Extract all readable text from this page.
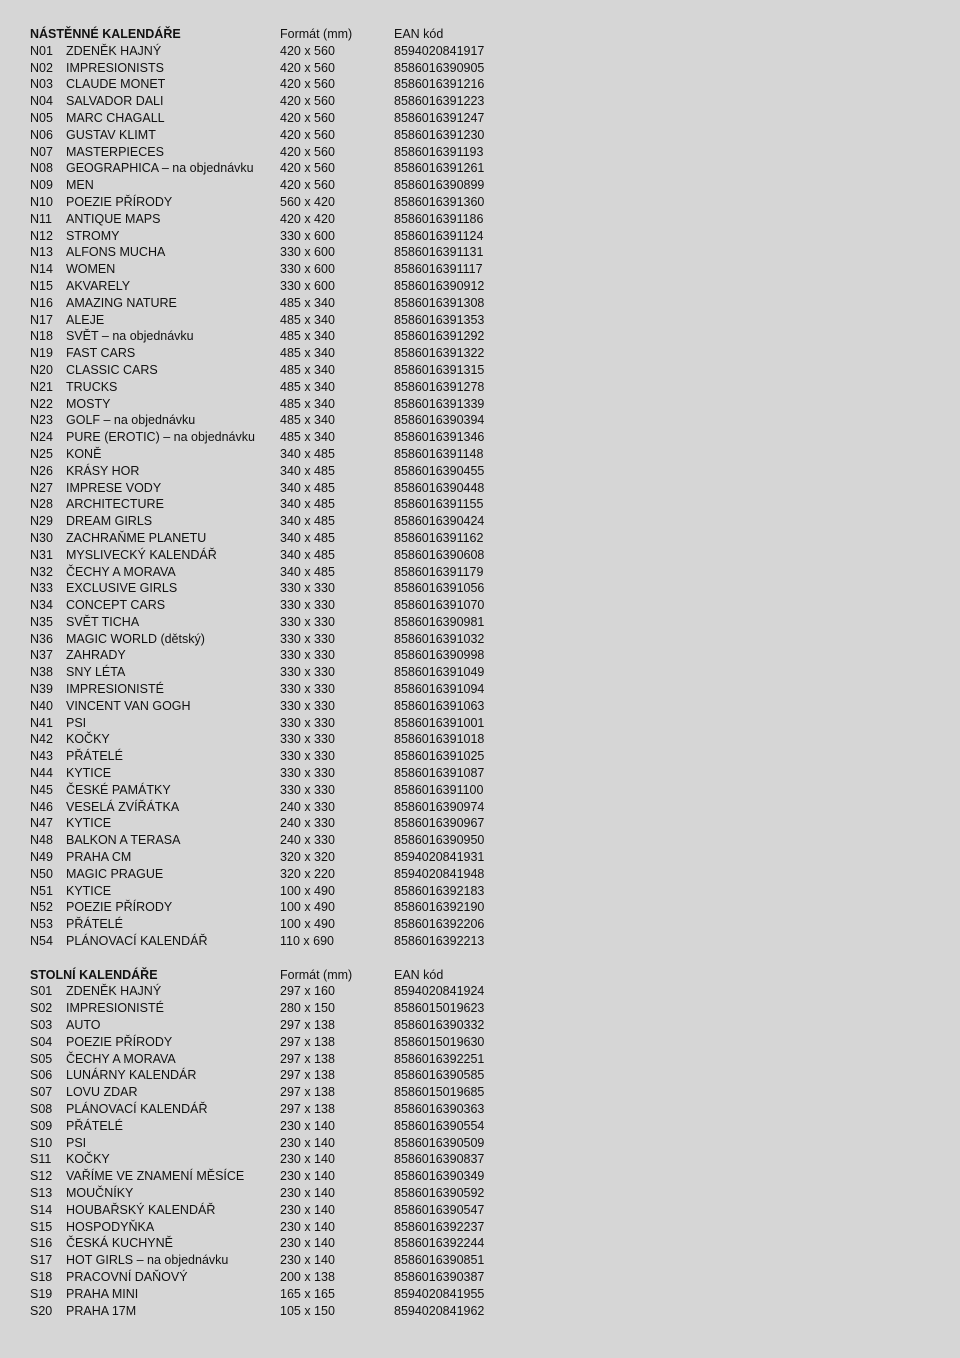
NÁSTĚNNÉ KALENDÁŘE	Formát (mm)	EAN kód
N01 ZDENĚK HAJNÝ	420 x 560	8594020841917
N02 IMPRESIONISTS	420 x 560	8586016390905
N03 CLAUDE MONET	420 x 560	8586016391216
N04 SALVADOR DALI	420 x 560	8586016391223
N05 MARC CHAGALL	420 x 560	8586016391247
N06 GUSTAV KLIMT	420 x 560	8586016391230
N07 MASTERPIECES	420 x 560	8586016391193
N08 GEOGRAPHICA – na objednávku 420 x 560	8586016391261
N09 MEN	420 x 560	8586016390899
N10 POEZIE PŘÍRODY	560 x 420	8586016391360
N11 ANTIQUE MAPS	420 x 420	8586016391186
N12 STROMY	330 x 600	8586016391124
N13 ALFONS MUCHA	330 x 600	8586016391131
N14 WOMEN	330 x 600	8586016391117
N15 AKVARELY	330 x 600	8586016390912
N16 AMAZING NATURE	485 x 340	8586016391308
N17 ALEJE	485 x 340	8586016391353
N18 SVĚT – na objednávku	485 x 340	8586016391292
N19 FAST CARS	485 x 340	8586016391322
N20 CLASSIC CARS	485 x 340	8586016391315
N21 TRUCKS	485 x 340	8586016391278
N22 MOSTY	485 x 340	8586016391339
N23 GOLF – na objednávku	485 x 340	8586016390394
N24 PURE (EROTIC) – na objednávku 485 x 340	8586016391346
N25 KONĚ	340 x 485	8586016391148
N26 KRÁSY HOR	340 x 485	8586016390455
N27 IMPRESE VODY	340 x 485	8586016390448
N28 ARCHITECTURE	340 x 485	8586016391155
N29 DREAM GIRLS	340 x 485	8586016390424
N30 ZACHRAŇME PLANETU	340 x 485	8586016391162
N31 MYSLIVECKÝ KALENDÁŘ	340 x 485	8586016390608
N32 ČECHY A MORAVA	340 x 485	8586016391179
N33 EXCLUSIVE GIRLS	330 x 330	8586016391056
N34 CONCEPT CARS	330 x 330	8586016391070
N35 SVĚT TICHA	330 x 330	8586016390981
N36 MAGIC WORLD (dětský)	330 x 330	8586016391032
N37 ZAHRADY	330 x 330	8586016390998
N38 SNY LÉTA	330 x 330	8586016391049
N39 IMPRESIONISTÉ	330 x 330	8586016391094
N40 VINCENT VAN GOGH	330 x 330	8586016391063
N41 PSI	330 x 330	8586016391001
N42 KOČKY	330 x 330	8586016391018
N43 PŘÁTELÉ	330 x 330	8586016391025
N44 KYTICE	330 x 330	8586016391087
N45 ČESKÉ PAMÁTKY	330 x 330	8586016391100
N46 VESELÁ ZVÍŘÁTKA	240 x 330	8586016390974
N47 KYTICE	240 x 330	8586016390967
N48 BALKON A TERASA	240 x 330	8586016390950
N49 PRAHA CM	320 x 320	8594020841931
N50 MAGIC PRAGUE	320 x 220	8594020841948
N51 KYTICE	100 x 490	8586016392183
N52 POEZIE PŘÍRODY	100 x 490	8586016392190
N53 PŘÁTELÉ	100 x 490	8586016392206
N54 PLÁNOVACÍ KALENDÁŘ	110 x 690	8586016392213
STOLNÍ KALENDÁŘE	Formát (mm)	EAN kód
S01 ZDENĚK HAJNÝ	297 x 160	8594020841924
S02 IMPRESIONISTÉ	280 x 150	8586015019623
S03 AUTO	297 x 138	8586016390332
S04 POEZIE PŘÍRODY	297 x 138	8586015019630
S05 ČECHY A MORAVA	297 x 138	8586016392251
S06 LUNÁRNY KALENDÁR	297 x 138	8586016390585
S07 LOVU ZDAR	297 x 138	8586015019685
S08 PLÁNOVACÍ KALENDÁŘ	297 x 138	8586016390363
S09 PŘÁTELÉ	230 x 140	8586016390554
S10 PSI	230 x 140	8586016390509
S11 KOČKY	230 x 140	8586016390837
S12 VAŘÍME VE ZNAMENÍ MĚSÍCE	230 x 140	8586016390349
S13 MOUČNÍKY	230 x 140	8586016390592
S14 HOUBAŘSKÝ KALENDÁŘ	230 x 140	8586016390547
S15 HOSPODYŇKA	230 x 140	8586016392237
S16 ČESKÁ KUCHYNĚ	230 x 140	8586016392244
S17 HOT GIRLS – na objednávku	230 x 140	8586016390851
S18 PRACOVNÍ DAŇOVÝ	200 x 138	8586016390387
S19 PRAHA MINI	165 x 165	8594020841955
S20 PRAHA 17M	105 x 150	8594020841962
